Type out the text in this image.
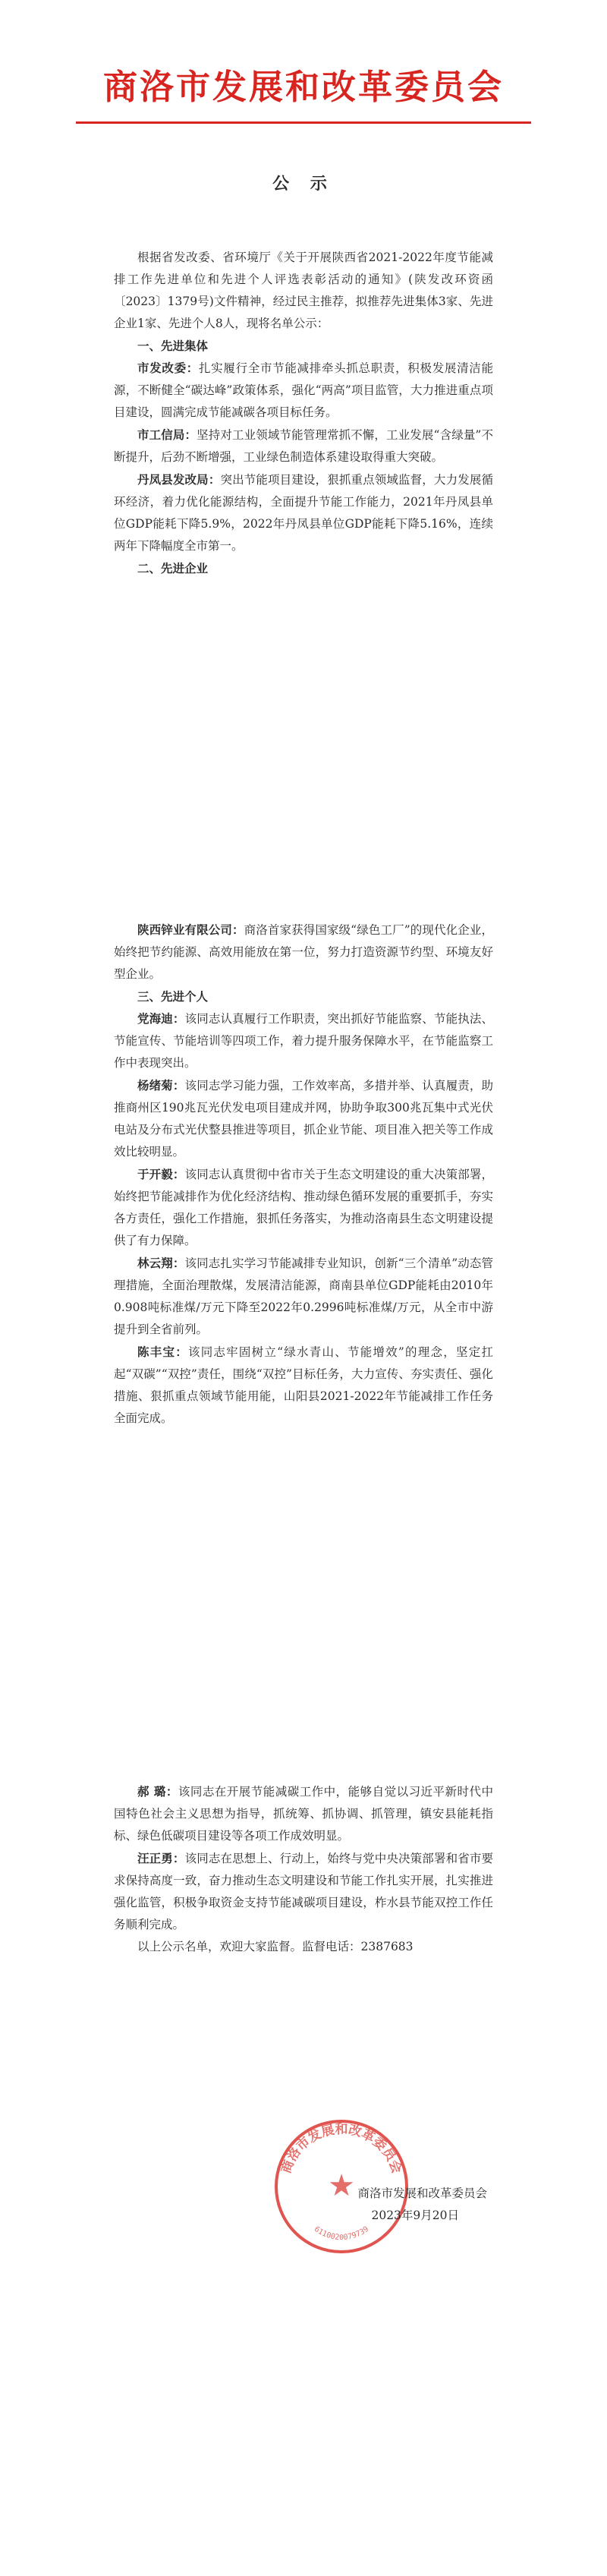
商洛市发展和改革委员会
公 示

根据省发改委、省环境厅《关于开展陕西省2021-2022年度节能减排工作先进单位和先进个人评选表彰活动的通知》(陕发改环资函〔2023〕1379号)文件精神，经过民主推荐，拟推荐先进集体3家、先进企业1家、先进个人8人，现将名单公示：

一、先进集体

市发改委：扎实履行全市节能减排牵头抓总职责，积极发展清洁能源，不断健全“碳达峰”政策体系，强化“两高”项目监管，大力推进重点项目建设，圆满完成节能减碳各项目标任务。

市工信局：坚持对工业领域节能管理常抓不懈，工业发展“含绿量”不断提升，后劲不断增强，工业绿色制造体系建设取得重大突破。

丹凤县发改局：突出节能项目建设，狠抓重点领域监督，大力发展循环经济，着力优化能源结构，全面提升节能工作能力，2021年丹凤县单位GDP能耗下降5.9%，2022年丹凤县单位GDP能耗下降5.16%，连续两年下降幅度全市第一。

二、先进企业

陕西锌业有限公司：商洛首家获得国家级“绿色工厂”的现代化企业，始终把节约能源、高效用能放在第一位，努力打造资源节约型、环境友好型企业。

三、先进个人

党海迪：该同志认真履行工作职责，突出抓好节能监察、节能执法、节能宣传、节能培训等四项工作，着力提升服务保障水平，在节能监察工作中表现突出。

杨绪菊：该同志学习能力强，工作效率高，多措并举、认真履责，助推商州区190兆瓦光伏发电项目建成并网，协助争取300兆瓦集中式光伏电站及分布式光伏整县推进等项目，抓企业节能、项目准入把关等工作成效比较明显。

于开毅：该同志认真贯彻中省市关于生态文明建设的重大决策部署，始终把节能减排作为优化经济结构、推动绿色循环发展的重要抓手，夯实各方责任，强化工作措施，狠抓任务落实，为推动洛南县生态文明建设提供了有力保障。

林云翔：该同志扎实学习节能减排专业知识，创新“三个清单”动态管理措施，全面治理散煤，发展清洁能源，商南县单位GDP能耗由2010年0.908吨标准煤/万元下降至2022年0.2996吨标准煤/万元，从全市中游提升到全省前列。

陈丰宝：该同志牢固树立“绿水青山、节能增效”的理念，坚定扛起“双碳”“双控”责任，围绕“双控”目标任务，大力宣传、夯实责任、强化措施、狠抓重点领域节能用能，山阳县2021-2022年节能减排工作任务全面完成。

郝 璐：该同志在开展节能减碳工作中，能够自觉以习近平新时代中国特色社会主义思想为指导，抓统筹、抓协调、抓管理，镇安县能耗指标、绿色低碳项目建设等各项工作成效明显。

汪正勇：该同志在思想上、行动上，始终与党中央决策部署和省市要求保持高度一致，奋力推动生态文明建设和节能工作扎实开展，扎实推进强化监管，积极争取资金支持节能减碳项目建设，柞水县节能双控工作任务顺利完成。

以上公示名单，欢迎大家监督。监督电话：2387683

商洛市发展和改革委员会
★
6110020079739
商洛市发展和改革委员会
2023年9月20日
